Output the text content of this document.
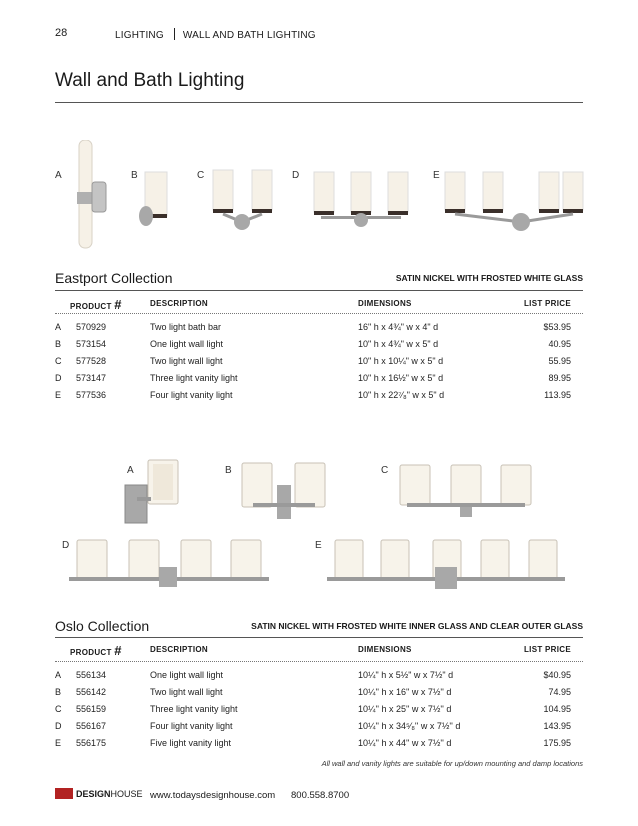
28	LIGHTING WALL AND BATH LIGHTING
Wall and Bath Lighting
A	B	C	D	E
Eastport Collection	SATIN NICKEL WITH FROSTED WHITE GLASS
PRODUCT #	DESCRIPTION	DIMENSIONS	LIST PRICE
A 570929	Two light bath bar	16" h x 4¾" w x 4" d	$53.95
B 573154	One light wall light	10" h x 4¾" w x 5" d	40.95
C 577528	Two light wall light	10" h x 10¼" w x 5" d	55.95
D 573147	Three light vanity light	10" h x 16½" w x 5" d	89.95
E 577536	Four light vanity light	10" h x 22⁷⁄₈" w x 5" d	113.95
A	B	C
D	E
Oslo Collection	SATIN NICKEL WITH FROSTED WHITE INNER GLASS AND CLEAR OUTER GLASS
PRODUCT #	DESCRIPTION	DIMENSIONS	LIST PRICE
A 556134	One light wall light	10¼" h x 5½" w x 7½" d	$40.95
B 556142	Two light wall light	10¼'' h x 16'' w x 7½'' d	74.95
C 556159	Three light vanity light	10¼'' h x 25'' w x 7½'' d	104.95
D 556167	Four light vanity light	10¼'' h x 34⁵⁄₈'' w x 7½'' d	143.95
E 556175	Five light vanity light	10¼'' h x 44'' w x 7½'' d	175.95
All wall and vanity lights are suitable for up/down mounting and damp locations
DESIGNHOUSE www.todaysdesignhouse.com 800.558.8700
